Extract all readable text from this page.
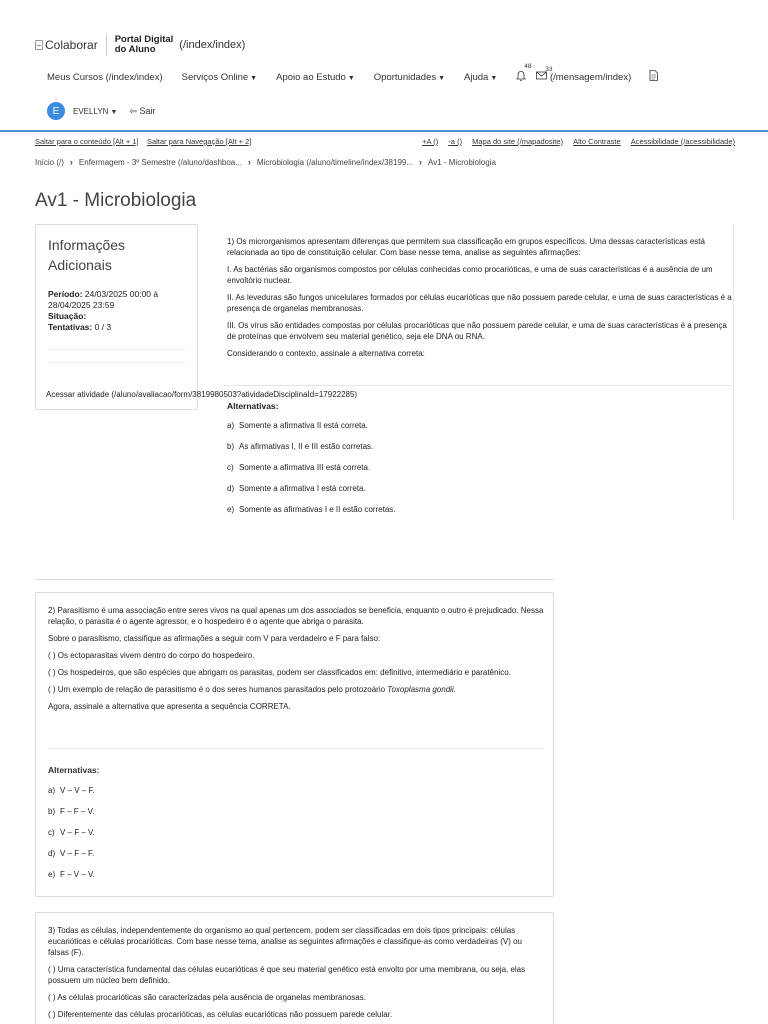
Colaborar Portal Digital
do Aluno	(/index/index)
Meus Cursos (/index/index) Serviços Online ▼ Apoio ao Estudo ▼ Oportunidades ▼ Ajuda ▼
48
33
(/mensagem/index)
E	EVELLYN ▼ ⇦ Sair
Saltar para o conteúdo [Alt + 1] Saltar para Navegação [Alt + 2]	+A () -a () Mapa do site (/mapadosite) Alto Contraste Acessibilidade (/acessibilidade)
Início (/) › Enfermagem - 3º Semestre (/aluno/dashboa... › Microbiologia (/aluno/timeline/index/38199... › Av1 - Microbiologia
Av1 - Microbiologia
Informações Adicionais
Período: 24/03/2025 00:00 à 28/04/2025 23:59
Situação:
Tentativas: 0 / 3
Acessar atividade (/aluno/avaliacao/form/3819980503?atividadeDisciplinaId=17922285)

1) Os microrganismos apresentam diferenças que permitem sua classificação em grupos específicos. Uma dessas características está relacionada ao tipo de constituição celular. Com base nesse tema, analise as seguintes afirmações:

I. As bactérias são organismos compostos por células conhecidas como procarióticas, e uma de suas características é a ausência de um envoltório nuclear.

II. As leveduras são fungos unicelulares formados por células eucarióticas que não possuem parede celular, e uma de suas características é a presença de organelas membranosas.

III. Os vírus são entidades compostas por células procarióticas que não possuem parede celular, e uma de suas características é a presença de proteínas que envolvem seu material genético, seja ele DNA ou RNA.

Considerando o contexto, assinale a alternativa correta:

Alternativas:
a) Somente a afirmativa II está correta.
b) As afirmativas I, II e III estão corretas.
c) Somente a afirmativa III está correta.
d) Somente a afirmativa I está correta.
e) Somente as afirmativas I e II estão corretas.

2) Parasitismo é uma associação entre seres vivos na qual apenas um dos associados se beneficia, enquanto o outro é prejudicado. Nessa relação, o parasita é o agente agressor, e o hospedeiro é o agente que abriga o parasita.

Sobre o parasitismo, classifique as afirmações a seguir com V para verdadeiro e F para falso:

( ) Os ectoparasitas vivem dentro do corpo do hospedeiro.

( ) Os hospedeiros, que são espécies que abrigam os parasitas, podem ser classificados em: definitivo, intermediário e paratênico.

( ) Um exemplo de relação de parasitismo é o dos seres humanos parasitados pelo protozoário Toxoplasma gondii.

Agora, assinale a alternativa que apresenta a sequência CORRETA.

Alternativas:
a) V – V – F.
b) F – F – V.
c) V – F – V.
d) V – F – F.
e) F – V – V.

3) Todas as células, independentemente do organismo ao qual pertencem, podem ser classificadas em dois tipos principais: células eucarióticas e células procarióticas. Com base nesse tema, analise as seguintes afirmações e classifique-as como verdadeiras (V) ou falsas (F).

( ) Uma característica fundamental das células eucarióticas é que seu material genético está envolto por uma membrana, ou seja, elas possuem um núcleo bem definido.

( ) As células procarióticas são caracterizadas pela ausência de organelas membranosas.

( ) Diferentemente das células procarióticas, as células eucarióticas não possuem parede celular.
